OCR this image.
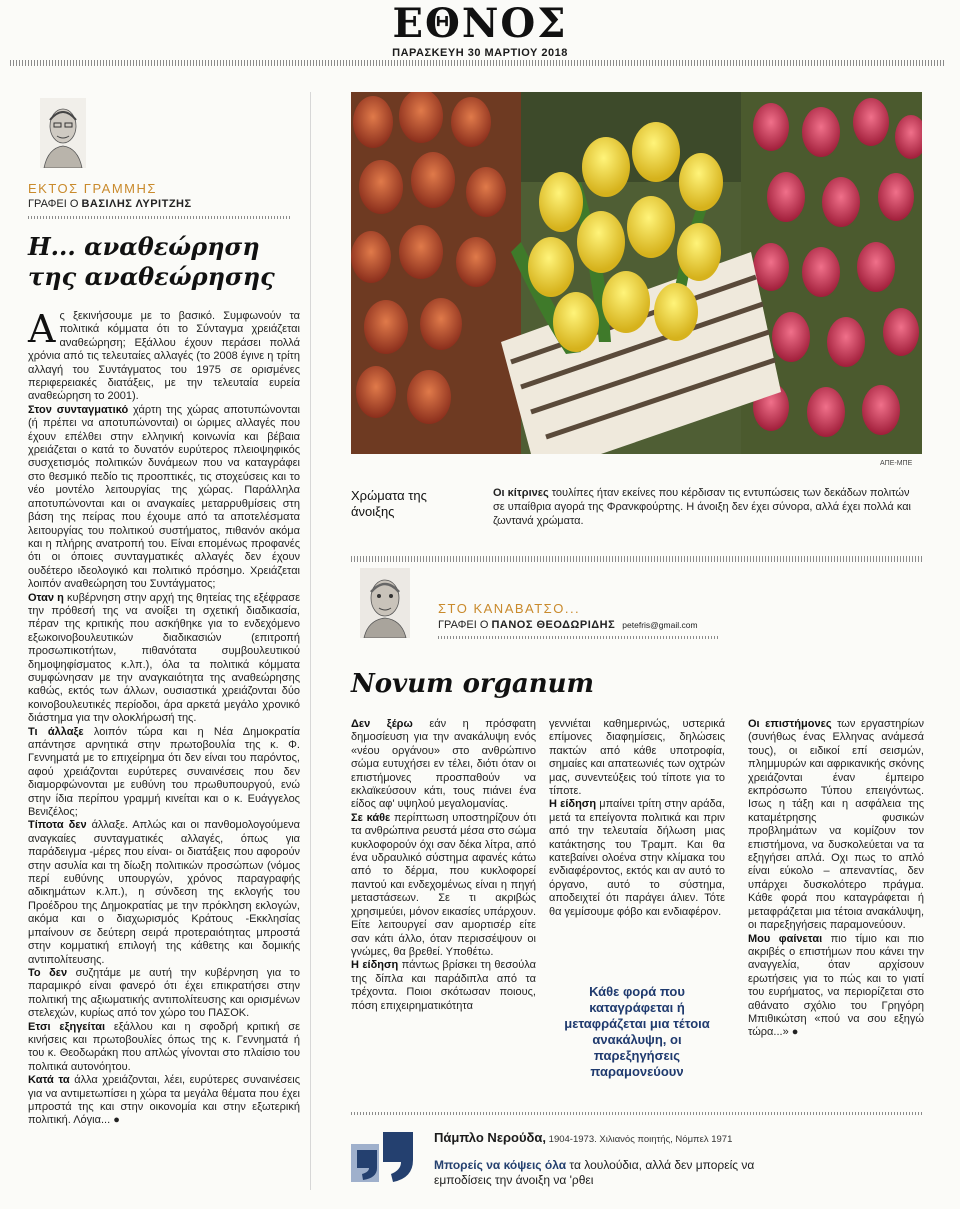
ΕΘΝΟΣ
ΠΑΡΑΣΚΕΥΗ 30 ΜΑΡΤΙΟΥ 2018
ΕΚΤΟΣ ΓΡΑΜΜΗΣ
ΓΡΑΦΕΙ Ο ΒΑΣΙΛΗΣ ΛΥΡΙΤΖΗΣ
Η... αναθεώρηση
της αναθεώρησης

Ας ξεκινήσουμε με το βασικό. Συμφωνούν τα πολιτικά κόμματα ότι το Σύνταγμα χρειάζεται αναθεώρηση; Εξάλλου έχουν περάσει πολλά χρόνια από τις τελευταίες αλλαγές (το 2008 έγινε η τρίτη αλλαγή του Συντάγματος του 1975 σε ορισμένες περιφερειακές διατάξεις, με την τελευταία ευρεία αναθεώρηση το 2001).

Στον συνταγματικό χάρτη της χώρας αποτυπώνονται (ή πρέπει να αποτυπώνονται) οι ώριμες αλλαγές που έχουν επέλθει στην ελληνική κοινωνία και βέβαια χρειάζεται ο κατά το δυνατόν ευρύτερος πλειοψηφικός συσχετισμός πολιτικών δυνάμεων που να καταγράφει στο θεσμικό πεδίο τις προοπτικές, τις στοχεύσεις και το νέο μοντέλο λειτουργίας της χώρας. Παράλληλα αποτυπώνονται και οι αναγκαίες μεταρρυθμίσεις στη βάση της πείρας που έχουμε από τα αποτελέσματα λειτουργίας του πολιτικού συστήματος, πιθανόν ακόμα και η πλήρης ανατροπή του. Είναι επομένως προφανές ότι οι όποιες συνταγματικές αλλαγές δεν έχουν ουδέτερο ιδεολογικό και πολιτικό πρόσημο. Χρειάζεται λοιπόν αναθεώρηση του Συντάγματος;

Οταν η κυβέρνηση στην αρχή της θητείας της εξέφρασε την πρόθεσή της να ανοίξει τη σχετική διαδικασία, πέραν της κριτικής που ασκήθηκε για το ενδεχόμενο εξωκοινοβουλευτικών διαδικασιών (επιτροπή προσωπικοτήτων, πιθανότατα συμβουλευτικού δημοψηφίσματος κ.λπ.), όλα τα πολιτικά κόμματα συμφώνησαν με την αναγκαιότητα της αναθεώρησης καθώς, εκτός των άλλων, ουσιαστικά χρειάζονται δύο κοινοβουλευτικές περίοδοι, άρα αρκετά μεγάλο χρονικό διάστημα για την ολοκλήρωσή της.

Τι άλλαξε λοιπόν τώρα και η Νέα Δημοκρατία απάντησε αρνητικά στην πρωτοβουλία της κ. Φ. Γεννηματά με το επιχείρημα ότι δεν είναι του παρόντος, αφού χρειάζονται ευρύτερες συναινέσεις που δεν διαμορφώνονται με ευθύνη του πρωθυπουργού, ενώ στην ίδια περίπου γραμμή κινείται και ο κ. Ευάγγελος Βενιζέλος;

Τίποτα δεν άλλαξε. Απλώς και οι πανθομολογούμενα αναγκαίες συνταγματικές αλλαγές, όπως για παράδειγμα -μέρες που είναι- οι διατάξεις που αφορούν στην ασυλία και τη δίωξη πολιτικών προσώπων (νόμος περί ευθύνης υπουργών, χρόνος παραγραφής αδικημάτων κ.λπ.), η σύνδεση της εκλογής του Προέδρου της Δημοκρατίας με την πρόκληση εκλογών, ακόμα και ο διαχωρισμός Κράτους -Εκκλησίας μπαίνουν σε δεύτερη σειρά προτεραιότητας μπροστά στην κομματική επιλογή της κάθετης και δομικής αντιπολίτευσης.

Το δεν συζητάμε με αυτή την κυβέρνηση για το παραμικρό είναι φανερό ότι έχει επικρατήσει στην πολιτική της αξιωματικής αντιπολίτευσης και ορισμένων στελεχών, κυρίως από τον χώρο του ΠΑΣΟΚ.

Ετσι εξηγείται εξάλλου και η σφοδρή κριτική σε κινήσεις και πρωτοβουλίες όπως της κ. Γεννηματά ή του κ. Θεοδωράκη που απλώς γίνονται στο πλαίσιο του πολιτικά αυτονόητου.

Κατά τα άλλα χρειάζονται, λέει, ευρύτερες συναινέσεις για να αντιμετωπίσει η χώρα τα μεγάλα θέματα που έχει μπροστά της και στην οικονομία και στην εξωτερική πολιτική. Λόγια... ●

ΑΠΕ-ΜΠΕ
Χρώματα της άνοιξης
Οι κίτρινες τουλίπες ήταν εκείνες που κέρδισαν τις εντυπώσεις των δεκάδων πολιτών σε υπαίθρια αγορά της Φρανκφούρτης. Η άνοιξη δεν έχει σύνορα, αλλά έχει πολλά και ζωντανά χρώματα.
ΣΤΟ ΚΑΝΑΒΑΤΣΟ...
ΓΡΑΦΕΙ Ο ΠΑΝΟΣ ΘΕΟΔΩΡΙΔΗΣ petefris@gmail.com
Novum organum

Δεν ξέρω εάν η πρόσφατη δημοσίευση για την ανακάλυψη ενός «νέου οργάνου» στο ανθρώπινο σώμα ευτυχήσει εν τέλει, διότι όταν οι επιστήμονες προσπαθούν να εκλαϊκεύσουν κάτι, τους πιάνει ένα είδος αφ' υψηλού μεγαλομανίας.

Σε κάθε περίπτωση υποστηρίζουν ότι τα ανθρώπινα ρευστά μέσα στο σώμα κυκλοφορούν όχι σαν δέκα λίτρα, από ένα υδραυλικό σύστημα αφανές κάτω από το δέρμα, που κυκλοφορεί παντού και ενδεχομένως είναι η πηγή μεταστάσεων. Σε τι ακριβώς χρησιμεύει, μόνον εικασίες υπάρχουν. Είτε λειτουργεί σαν αμορτισέρ είτε σαν κάτι άλλο, όταν περισσέψουν οι γνώμες, θα βρεθεί. Υποθέτω.

Η είδηση πάντως βρίσκει τη θεσούλα της δίπλα και παράδιπλα από τα τρέχοντα. Ποιοι σκότωσαν ποιους, πόση επιχειρηματικότητα

γεννιέται καθημερινώς, υστερικά επίμονες διαφημίσεις, δηλώσεις πακτών από κάθε υποτροφία, σημαίες και απατεωνιές των οχτρών μας, συνεντεύξεις τού τίποτε για το τίποτε.

Η είδηση μπαίνει τρίτη στην αράδα, μετά τα επείγοντα πολιτικά και πριν από την τελευταία δήλωση μιας κατάκτησης του Τραμπ. Και θα κατεβαίνει ολοένα στην κλίμακα του ενδιαφέροντος, εκτός και αν αυτό το όργανο, αυτό το σύστημα, αποδειχτεί ότι παράγει άλιεν. Τότε θα γεμίσουμε φόβο και ενδιαφέρον.

Κάθε φορά που καταγράφεται ή μεταφράζεται μια τέτοια ανακάλυψη, οι παρεξηγήσεις παραμονεύουν

Οι επιστήμονες των εργαστηρίων (συνήθως ένας Ελληνας ανάμεσά τους), οι ειδικοί επί σεισμών, πλημμυρών και αφρικανικής σκόνης χρειάζονται έναν έμπειρο εκπρόσωπο Τύπου επειγόντως. Ισως η τάξη και η ασφάλεια της καταμέτρησης φυσικών προβλημάτων να κομίζουν τον επιστήμονα, να δυσκολεύεται να τα εξηγήσει απλά. Οχι πως το απλό είναι εύκολο – απεναντίας, δεν υπάρχει δυσκολότερο πράγμα. Κάθε φορά που καταγράφεται ή μεταφράζεται μια τέτοια ανακάλυψη, οι παρεξηγήσεις παραμονεύουν.

Μου φαίνεται πιο τίμιο και πιο ακριβές ο επιστήμων που κάνει την αναγγελία, όταν αρχίσουν ερωτήσεις για το πώς και το γιατί του ευρήματος, να περιορίζεται στο αθάνατο σχόλιο του Γρηγόρη Μπιθικώτση «πού να σου εξηγώ τώρα...» ●

Πάμπλο Νερούδα, 1904-1973. Χιλιανός ποιητής, Νόμπελ 1971
Μπορείς να κόψεις όλα τα λουλούδια, αλλά δεν μπορείς να εμποδίσεις την άνοιξη να 'ρθει
